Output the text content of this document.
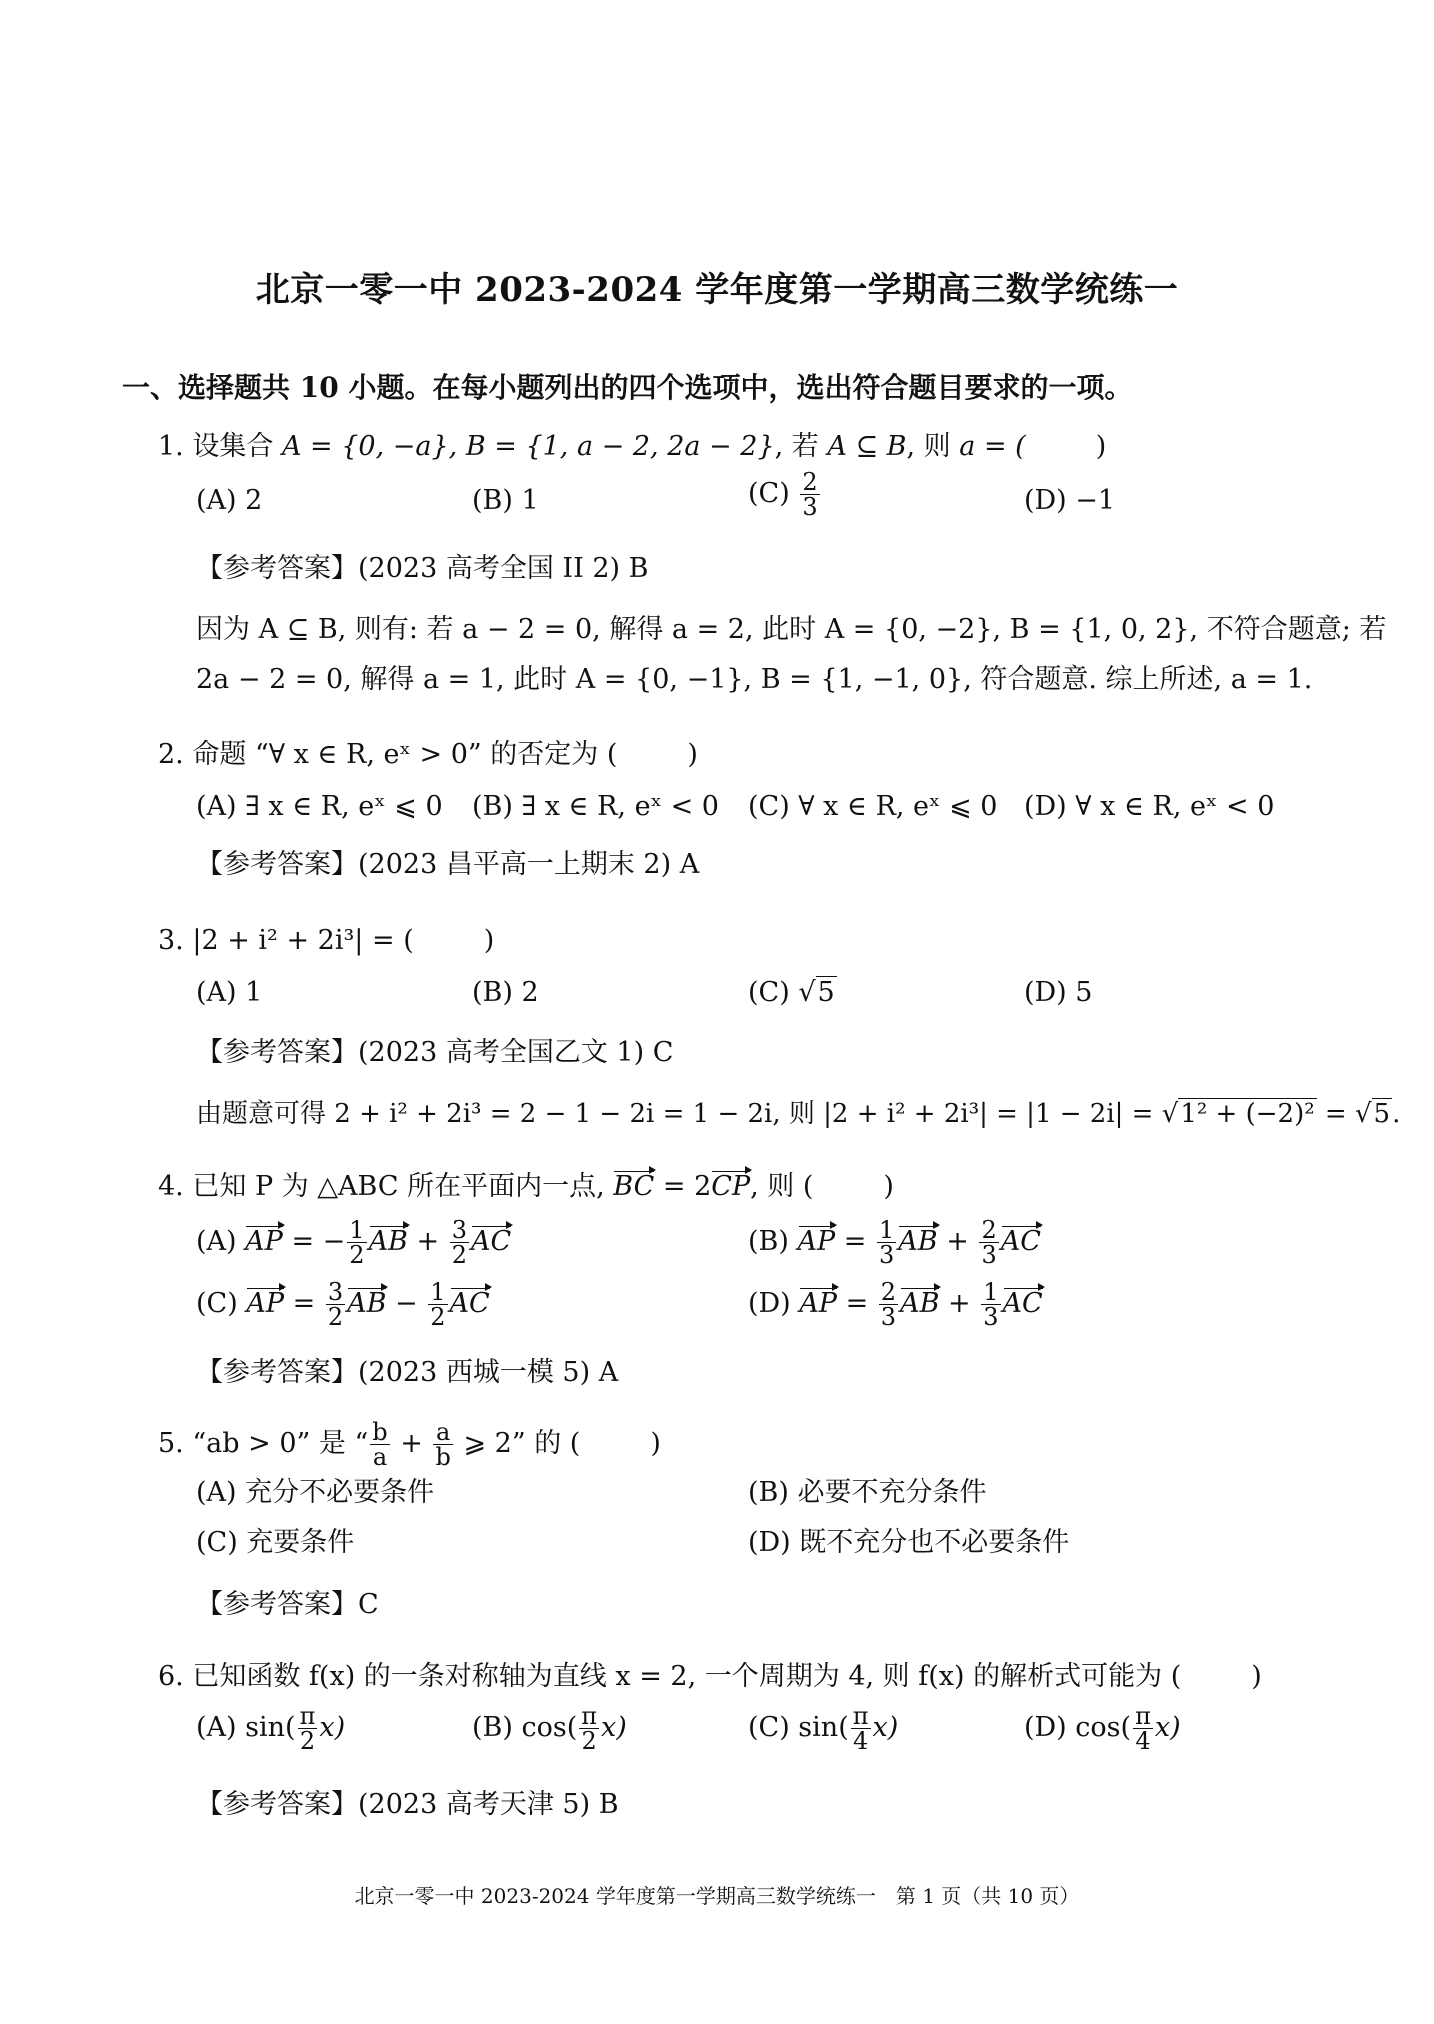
北京一零一中 2023-2024 学年度第一学期高三数学统练一
一、选择题共 10 小题。在每小题列出的四个选项中，选出符合题目要求的一项。
1. 设集合 A = {0, −a}, B = {1, a − 2, 2a − 2}, 若 A ⊆ B, 则 a = (	)
(A) 2	(B) 1	$(C) \frac{2}{3}$	(D) −1
【参考答案】(2023 高考全国 II 2) B
因为 A ⊆ B, 则有: 若 a − 2 = 0, 解得 a = 2, 此时 A = {0, −2}, B = {1, 0, 2}, 不符合题意; 若
2a − 2 = 0, 解得 a = 1, 此时 A = {0, −1}, B = {1, −1, 0}, 符合题意. 综上所述, a = 1.
2. 命题 “∀ x ∈ R, eˣ > 0” 的否定为 (	)
(A) ∃ x ∈ R, eˣ ⩽ 0 (B) ∃ x ∈ R, eˣ < 0 (C) ∀ x ∈ R, eˣ ⩽ 0 (D) ∀ x ∈ R, eˣ < 0
【参考答案】(2023 昌平高一上期末 2) A
3. |2 + i² + 2i³| = (	)
(A) 1	(B) 2	(C) √5	(D) 5
【参考答案】(2023 高考全国乙文 1) C
由题意可得 2 + i² + 2i³ = 2 − 1 − 2i = 1 − 2i, 则 |2 + i² + 2i³| = |1 − 2i| = √1² + (−2)² = √5.
4. 已知 P 为 △ABC 所在平面内一点, BC = 2CP, 则 (	)
(A) AP = − $\frac{1}{2}$ AB + $\frac{3}{2}$ AC	(B) AP = $\frac{1}{3}$ AB + $\frac{2}{3}$ AC
(C) AP = $\frac{3}{2}$ AB − $\frac{1}{2}$ AC	(D) AP = $\frac{2}{3}$ AB + $\frac{1}{3}$ AC
【参考答案】(2023 西城一模 5) A
5. “ab > 0” 是 “ $\frac{b}{a} + \frac{a}{b}$ ⩾ 2” 的 (	)
(A) 充分不必要条件	(B) 必要不充分条件
(C) 充要条件	(D) 既不充分也不必要条件
【参考答案】C
6. 已知函数 f(x) 的一条对称轴为直线 x = 2, 一个周期为 4, 则 f(x) 的解析式可能为 (	)
(A) $\sin( \frac{\pi}{2} x)$	(B) $\cos( \frac{\pi}{2} x)$	(C) $\sin( \frac{\pi}{4} x)$	(D) $\cos( \frac{\pi}{4} x)$
【参考答案】(2023 高考天津 5) B
北京一零一中 2023-2024 学年度第一学期高三数学统练一　第 1 页（共 10 页）
